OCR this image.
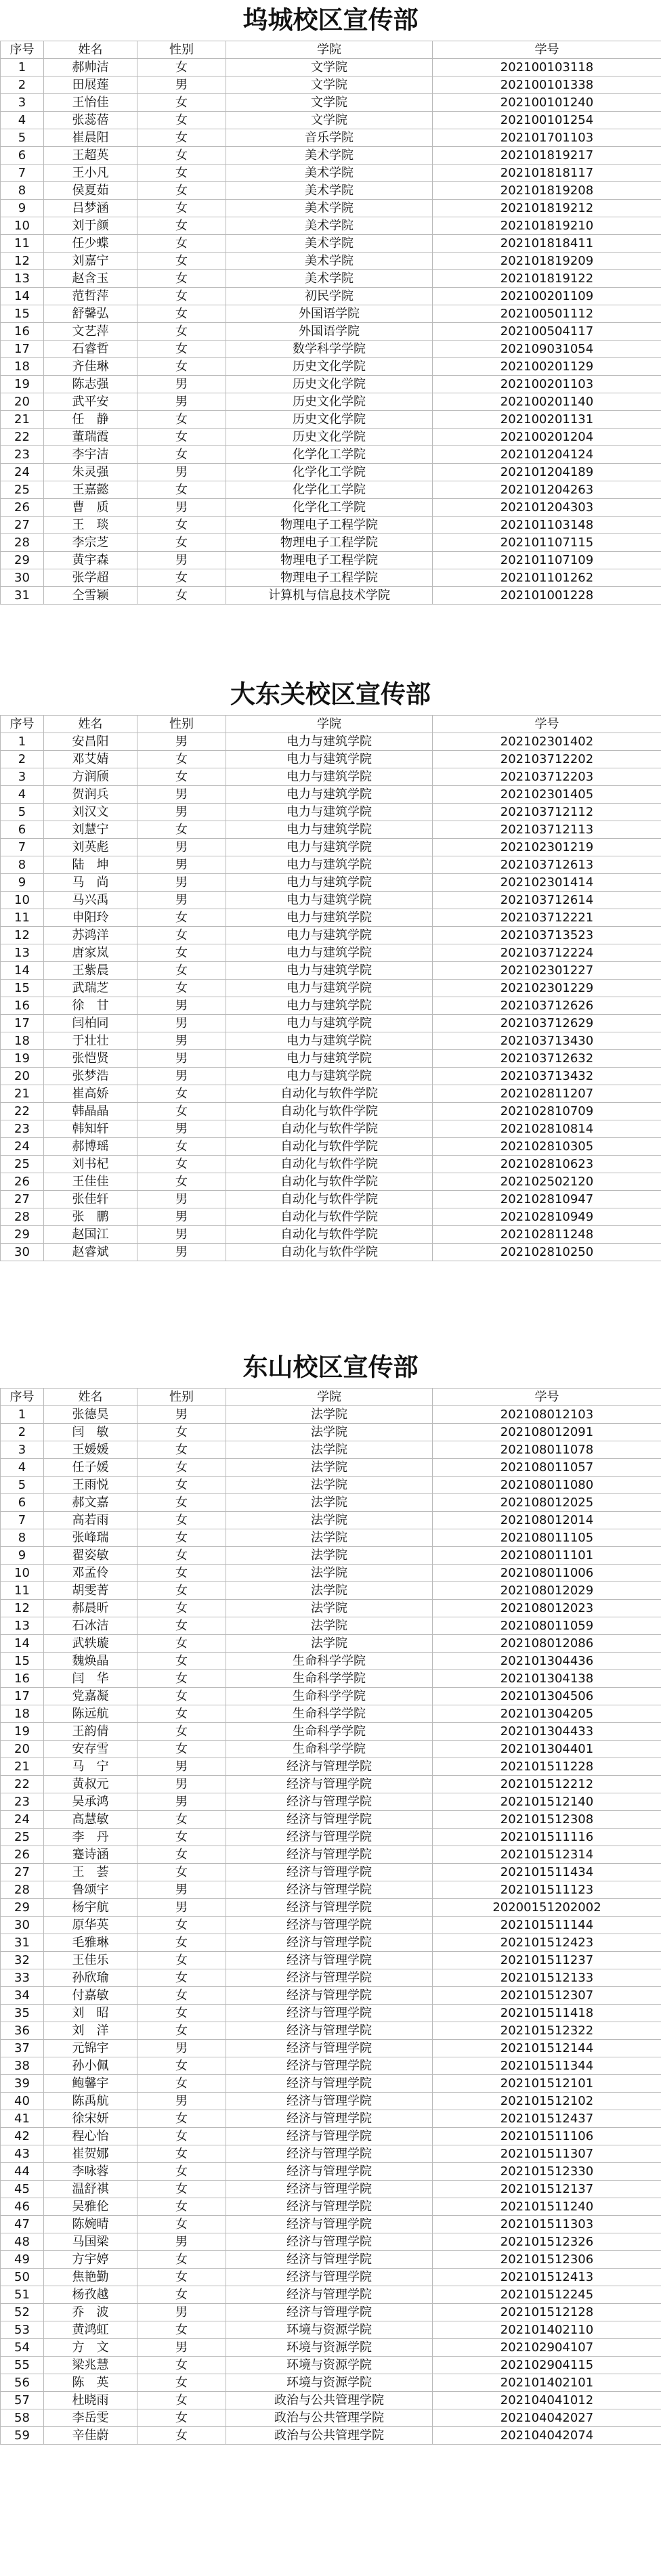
坞城校区宣传部
序号	姓名	性别	学院	学号
1	郝帅洁	女	文学院	202100103118
2	田展莲	男	文学院	202100101338
3	王怡佳	女	文学院	202100101240
4	张蕊蓓	女	文学院	202100101254
5	崔晨阳	女	音乐学院	202101701103
6	王超英	女	美术学院	202101819217
7	王小凡	女	美术学院	202101818117
8	侯夏茹	女	美术学院	202101819208
9	吕梦涵	女	美术学院	202101819212
10	刘于颜	女	美术学院	202101819210
11	任少蝶	女	美术学院	202101818411
12	刘嘉宁	女	美术学院	202101819209
13	赵含玉	女	美术学院	202101819122
14	范哲萍	女	初民学院	202100201109
15	舒馨弘	女	外国语学院	202100501112
16	文艺萍	女	外国语学院	202100504117
17	石睿哲	女	数学科学学院	202109031054
18	齐佳琳	女	历史文化学院	202100201129
19	陈志强	男	历史文化学院	202100201103
20	武平安	男	历史文化学院	202100201140
21	任　静	女	历史文化学院	202100201131
22	董瑞霞	女	历史文化学院	202100201204
23	李宇洁	女	化学化工学院	202101204124
24	朱灵强	男	化学化工学院	202101204189
25	王嘉懿	女	化学化工学院	202101204263
26	曹　质	男	化学化工学院	202101204303
27	王　琰	女	物理电子工程学院	202101103148
28	李宗芝	女	物理电子工程学院	202101107115
29	黄宇森	男	物理电子工程学院	202101107109
30	张学超	女	物理电子工程学院	202101101262
31	仝雪颖	女	计算机与信息技术学院	202101001228
大东关校区宣传部
序号	姓名	性别	学院	学号
1	安昌阳	男	电力与建筑学院	202102301402
2	邓艾婧	女	电力与建筑学院	202103712202
3	方润颀	女	电力与建筑学院	202103712203
4	贺润兵	男	电力与建筑学院	202102301405
5	刘汉文	男	电力与建筑学院	202103712112
6	刘慧宁	女	电力与建筑学院	202103712113
7	刘英彪	男	电力与建筑学院	202102301219
8	陆　坤	男	电力与建筑学院	202103712613
9	马　尚	男	电力与建筑学院	202102301414
10	马兴禹	男	电力与建筑学院	202103712614
11	申阳玲	女	电力与建筑学院	202103712221
12	苏鸿洋	女	电力与建筑学院	202103713523
13	唐家岚	女	电力与建筑学院	202103712224
14	王紫晨	女	电力与建筑学院	202102301227
15	武瑞芝	女	电力与建筑学院	202102301229
16	徐　甘	男	电力与建筑学院	202103712626
17	闫柏同	男	电力与建筑学院	202103712629
18	于壮壮	男	电力与建筑学院	202103713430
19	张恺贤	男	电力与建筑学院	202103712632
20	张梦浩	男	电力与建筑学院	202103713432
21	崔高娇	女	自动化与软件学院	202102811207
22	韩晶晶	女	自动化与软件学院	202102810709
23	韩知轩	男	自动化与软件学院	202102810814
24	郝博瑶	女	自动化与软件学院	202102810305
25	刘书杞	女	自动化与软件学院	202102810623
26	王佳佳	女	自动化与软件学院	202102502120
27	张佳轩	男	自动化与软件学院	202102810947
28	张　鹏	男	自动化与软件学院	202102810949
29	赵国江	男	自动化与软件学院	202102811248
30	赵睿斌	男	自动化与软件学院	202102810250
东山校区宣传部
序号	姓名	性别	学院	学号
1	张德昊	男	法学院	202108012103
2	闫　敏	女	法学院	202108012091
3	王媛媛	女	法学院	202108011078
4	任子媛	女	法学院	202108011057
5	王雨悦	女	法学院	202108011080
6	郝文嘉	女	法学院	202108012025
7	高若雨	女	法学院	202108012014
8	张峰瑞	女	法学院	202108011105
9	翟姿敏	女	法学院	202108011101
10	邓孟伶	女	法学院	202108011006
11	胡雯菁	女	法学院	202108012029
12	郝晨昕	女	法学院	202108012023
13	石冰洁	女	法学院	202108011059
14	武轶璇	女	法学院	202108012086
15	魏焕晶	女	生命科学学院	202101304436
16	闫　华	女	生命科学学院	202101304138
17	党嘉凝	女	生命科学学院	202101304506
18	陈远航	女	生命科学学院	202101304205
19	王韵倩	女	生命科学学院	202101304433
20	安存雪	女	生命科学学院	202101304401
21	马　宁	男	经济与管理学院	202101511228
22	黄叔元	男	经济与管理学院	202101512212
23	吴承鸿	男	经济与管理学院	202101512140
24	高慧敏	女	经济与管理学院	202101512308
25	李　丹	女	经济与管理学院	202101511116
26	蹇诗涵	女	经济与管理学院	202101512314
27	王　荟	女	经济与管理学院	202101511434
28	鲁颂宇	男	经济与管理学院	202101511123
29	杨宇航	男	经济与管理学院	20200151202002
30	原华英	女	经济与管理学院	202101511144
31	毛雅琳	女	经济与管理学院	202101512423
32	王佳乐	女	经济与管理学院	202101511237
33	孙欣瑜	女	经济与管理学院	202101512133
34	付嘉敏	女	经济与管理学院	202101512307
35	刘　昭	女	经济与管理学院	202101511418
36	刘　洋	女	经济与管理学院	202101512322
37	元锦宇	男	经济与管理学院	202101512144
38	孙小佩	女	经济与管理学院	202101511344
39	鲍馨宇	女	经济与管理学院	202101512101
40	陈禹航	男	经济与管理学院	202101512102
41	徐宋妍	女	经济与管理学院	202101512437
42	程心怡	女	经济与管理学院	202101511106
43	崔贺娜	女	经济与管理学院	202101511307
44	李咏蓉	女	经济与管理学院	202101512330
45	温舒祺	女	经济与管理学院	202101512137
46	吴雅伦	女	经济与管理学院	202101511240
47	陈婉晴	女	经济与管理学院	202101511303
48	马国梁	男	经济与管理学院	202101512326
49	方宇婷	女	经济与管理学院	202101512306
50	焦艳勤	女	经济与管理学院	202101512413
51	杨孜越	女	经济与管理学院	202101512245
52	乔　波	男	经济与管理学院	202101512128
53	黄鸿虹	女	环境与资源学院	202101402110
54	方　文	男	环境与资源学院	202102904107
55	梁兆慧	女	环境与资源学院	202102904115
56	陈　英	女	环境与资源学院	202101402101
57	杜晓雨	女	政治与公共管理学院	202104041012
58	李岳雯	女	政治与公共管理学院	202104042027
59	辛佳蔚	女	政治与公共管理学院	202104042074
